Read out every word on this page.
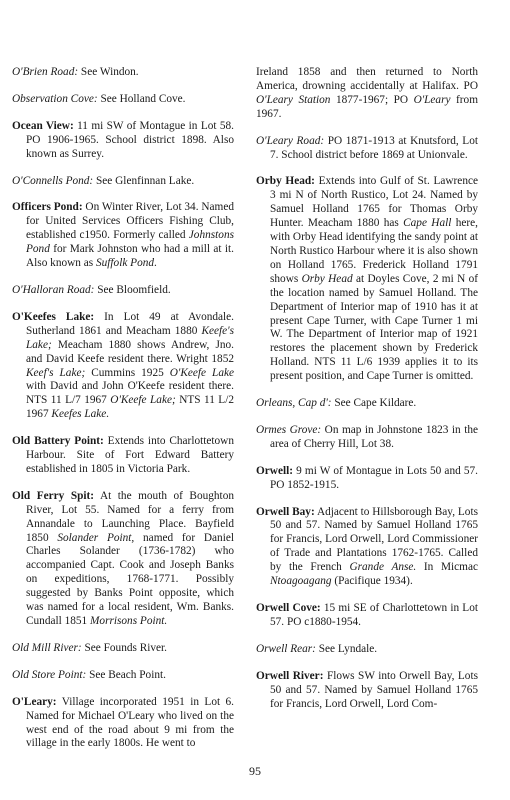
O'Brien Road: See Windon.

Observation Cove: See Holland Cove.

Ocean View: 11 mi SW of Montague in Lot 58. PO 1906-1965. School district 1898. Also known as Surrey.

O'Connells Pond: See Glenfinnan Lake.

Officers Pond: On Winter River, Lot 34. Named for United Services Officers Fishing Club, established c1950. Formerly called Johnstons Pond for Mark Johnston who had a mill at it. Also known as Suffolk Pond.

O'Halloran Road: See Bloomfield.

O'Keefes Lake: In Lot 49 at Avondale. Sutherland 1861 and Meacham 1880 Keefe's Lake; Meacham 1880 shows Andrew, Jno. and David Keefe resident there. Wright 1852 Keef's Lake; Cummins 1925 O'Keefe Lake with David and John O'Keefe resident there. NTS 11 L/7 1967 O'Keefe Lake; NTS 11 L/2 1967 Keefes Lake.

Old Battery Point: Extends into Charlottetown Harbour. Site of Fort Edward Battery established in 1805 in Victoria Park.

Old Ferry Spit: At the mouth of Boughton River, Lot 55. Named for a ferry from Annandale to Launching Place. Bayfield 1850 Solander Point, named for Daniel Charles Solander (1736-1782) who accompanied Capt. Cook and Joseph Banks on expeditions, 1768-1771. Possibly suggested by Banks Point opposite, which was named for a local resident, Wm. Banks. Cundall 1851 Morrisons Point.

Old Mill River: See Founds River.

Old Store Point: See Beach Point.

O'Leary: Village incorporated 1951 in Lot 6. Named for Michael O'Leary who lived on the west end of the road about 9 mi from the village in the early 1800s. He went to

Ireland 1858 and then returned to North America, drowning accidentally at Halifax. PO O'Leary Station 1877-1967; PO O'Leary from 1967.

O'Leary Road: PO 1871-1913 at Knutsford, Lot 7. School district before 1869 at Unionvale.

Orby Head: Extends into Gulf of St. Lawrence 3 mi N of North Rustico, Lot 24. Named by Samuel Holland 1765 for Thomas Orby Hunter. Meacham 1880 has Cape Hall here, with Orby Head identifying the sandy point at North Rustico Harbour where it is also shown on Holland 1765. Frederick Holland 1791 shows Orby Head at Doyles Cove, 2 mi N of the location named by Samuel Holland. The Department of Interior map of 1910 has it at present Cape Turner, with Cape Turner 1 mi W. The Department of Interior map of 1921 restores the placement shown by Frederick Holland. NTS 11 L/6 1939 applies it to its present position, and Cape Turner is omitted.

Orleans, Cap d': See Cape Kildare.

Ormes Grove: On map in Johnstone 1823 in the area of Cherry Hill, Lot 38.

Orwell: 9 mi W of Montague in Lots 50 and 57. PO 1852-1915.

Orwell Bay: Adjacent to Hillsborough Bay, Lots 50 and 57. Named by Samuel Holland 1765 for Francis, Lord Orwell, Lord Commissioner of Trade and Plantations 1762-1765. Called by the French Grande Anse. In Micmac Ntoagoagang (Pacifique 1934).

Orwell Cove: 15 mi SE of Charlottetown in Lot 57. PO c1880-1954.

Orwell Rear: See Lyndale.

Orwell River: Flows SW into Orwell Bay, Lots 50 and 57. Named by Samuel Holland 1765 for Francis, Lord Orwell, Lord Com-

95
